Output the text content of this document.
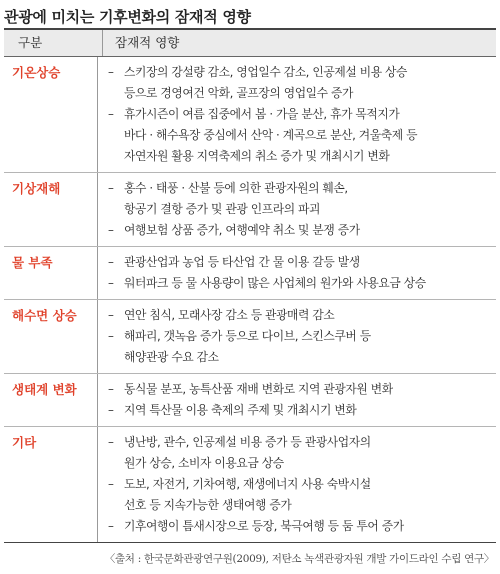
관광에 미치는 기후변화의 잠재적 영향
구분	잠재적 영향
기온상승	– 스키장의 강설량 감소, 영업일수 감소, 인공제설 비용 상승
등으로 경영여건 악화, 골프장의 영업일수 증가
– 휴가시즌이 여름 집중에서 봄 · 가을 분산, 휴가 목적지가
바다 · 해수욕장 중심에서 산악 · 계곡으로 분산, 겨울축제 등
자연자원 활용 지역축제의 취소 증가 및 개최시기 변화
기상재해	– 홍수 · 태풍 · 산불 등에 의한 관광자원의 훼손,
항공기 결항 증가 및 관광 인프라의 파괴
– 여행보험 상품 증가, 여행예약 취소 및 분쟁 증가
물 부족	– 관광산업과 농업 등 타산업 간 물 이용 갈등 발생
– 워터파크 등 물 사용량이 많은 사업체의 원가와 사용요금 상승
해수면 상승	– 연안 침식, 모래사장 감소 등 관광매력 감소
– 해파리, 갯녹음 증가 등으로 다이브, 스킨스쿠버 등
해양관광 수요 감소
생태계 변화	– 동식물 분포, 농특산품 재배 변화로 지역 관광자원 변화
– 지역 특산물 이용 축제의 주제 및 개최시기 변화
기타	– 냉난방, 관수, 인공제설 비용 증가 등 관광사업자의
원가 상승, 소비자 이용요금 상승
– 도보, 자전거, 기차여행, 재생에너지 사용 숙박시설
선호 등 지속가능한 생태여행 증가
– 기후여행이 틈새시장으로 등장, 북극여행 등 둠 투어 증가
〈출처 : 한국문화관광연구원(2009), 저탄소 녹색관광자원 개발 가이드라인 수립 연구〉
